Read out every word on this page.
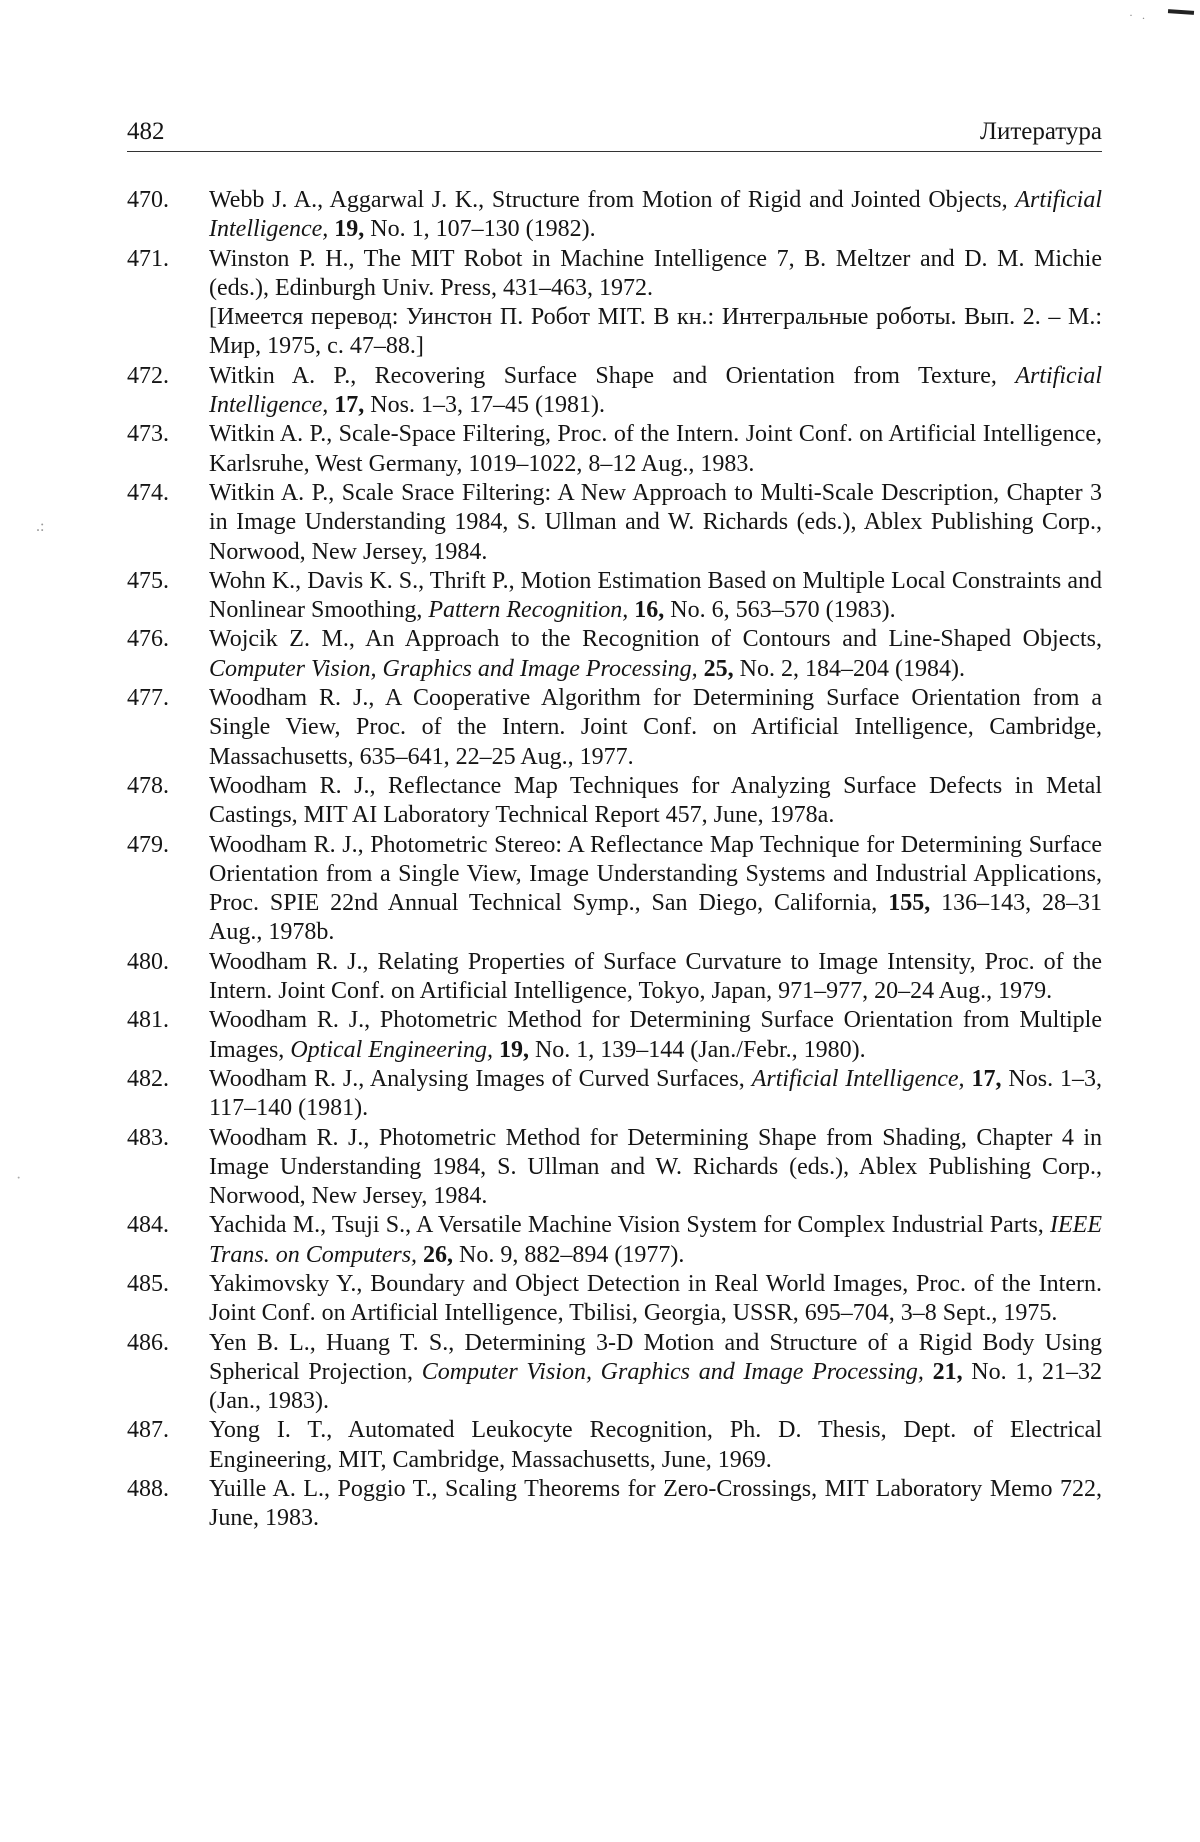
· .
.:
·
482	Литература
470. Webb J. A., Aggarwal J. K., Structure from Motion of Rigid and Jointed Objects, Artificial Intelligence, 19, No. 1, 107–130 (1982).
471. Winston P. H., The MIT Robot in Machine Intelligence 7, B. Meltzer and D. M. Michie (eds.), Edinburgh Univ. Press, 431–463, 1972.
[Имеется перевод: Уинстон П. Робот MIT. В кн.: Интегральные роботы. Вып. 2. – М.: Мир, 1975, с. 47–88.]
472. Witkin A. P., Recovering Surface Shape and Orientation from Texture, Artificial Intelligence, 17, Nos. 1–3, 17–45 (1981).
473. Witkin A. P., Scale-Space Filtering, Proc. of the Intern. Joint Conf. on Artificial Intelligence, Karlsruhe, West Germany, 1019–1022, 8–12 Aug., 1983.
474. Witkin A. P., Scale Srace Filtering: A New Approach to Multi-Scale Description, Chapter 3 in Image Understanding 1984, S. Ullman and W. Richards (eds.), Ablex Publishing Corp., Norwood, New Jersey, 1984.
475. Wohn K., Davis K. S., Thrift P., Motion Estimation Based on Multiple Local Constraints and Nonlinear Smoothing, Pattern Recognition, 16, No. 6, 563–570 (1983).
476. Wojcik Z. M., An Approach to the Recognition of Contours and Line-Shaped Objects, Computer Vision, Graphics and Image Processing, 25, No. 2, 184–204 (1984).
477. Woodham R. J., A Cooperative Algorithm for Determining Surface Orientation from a Single View, Proc. of the Intern. Joint Conf. on Artificial Intelligence, Cambridge, Massachusetts, 635–641, 22–25 Aug., 1977.
478. Woodham R. J., Reflectance Map Techniques for Analyzing Surface Defects in Metal Castings, MIT AI Laboratory Technical Report 457, June, 1978a.
479. Woodham R. J., Photometric Stereo: A Reflectance Map Technique for Determining Surface Orientation from a Single View, Image Understanding Systems and Industrial Applications, Proc. SPIE 22nd Annual Technical Symp., San Diego, California, 155, 136–143, 28–31 Aug., 1978b.
480. Woodham R. J., Relating Properties of Surface Curvature to Image Intensity, Proc. of the Intern. Joint Conf. on Artificial Intelligence, Tokyo, Japan, 971–977, 20–24 Aug., 1979.
481. Woodham R. J., Photometric Method for Determining Surface Orientation from Multiple Images, Optical Engineering, 19, No. 1, 139–144 (Jan./Febr., 1980).
482. Woodham R. J., Analysing Images of Curved Surfaces, Artificial Intelligence, 17, Nos. 1–3, 117–140 (1981).
483. Woodham R. J., Photometric Method for Determining Shape from Shading, Chapter 4 in Image Understanding 1984, S. Ullman and W. Richards (eds.), Ablex Publishing Corp., Norwood, New Jersey, 1984.
484. Yachida M., Tsuji S., A Versatile Machine Vision System for Complex Industrial Parts, IEEE Trans. on Computers, 26, No. 9, 882–894 (1977).
485. Yakimovsky Y., Boundary and Object Detection in Real World Images, Proc. of the Intern. Joint Conf. on Artificial Intelligence, Tbilisi, Georgia, USSR, 695–704, 3–8 Sept., 1975.
486. Yen B. L., Huang T. S., Determining 3-D Motion and Structure of a Rigid Body Using Spherical Projection, Computer Vision, Graphics and Image Processing, 21, No. 1, 21–32 (Jan., 1983).
487. Yong I. T., Automated Leukocyte Recognition, Ph. D. Thesis, Dept. of Electrical Engineering, MIT, Cambridge, Massachusetts, June, 1969.
488. Yuille A. L., Poggio T., Scaling Theorems for Zero-Crossings, MIT Laboratory Memo 722, June, 1983.
